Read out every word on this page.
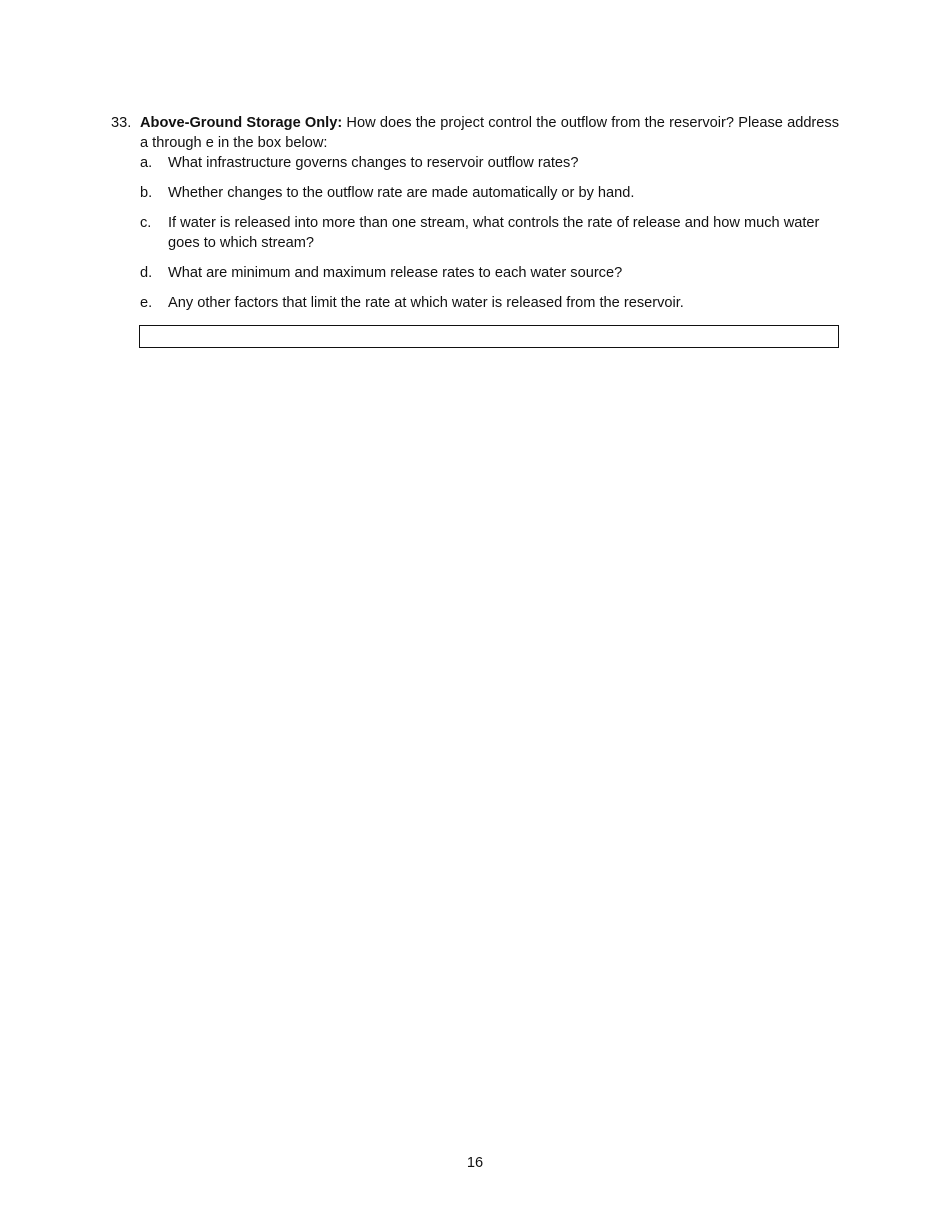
33. Above-Ground Storage Only: How does the project control the outflow from the reservoir? Please address a through e in the box below:
a.	What infrastructure governs changes to reservoir outflow rates?
b.	Whether changes to the outflow rate are made automatically or by hand.
c.	If water is released into more than one stream, what controls the rate of release and how much water goes to which stream?
d.	What are minimum and maximum release rates to each water source?
e.	Any other factors that limit the rate at which water is released from the reservoir.
16
